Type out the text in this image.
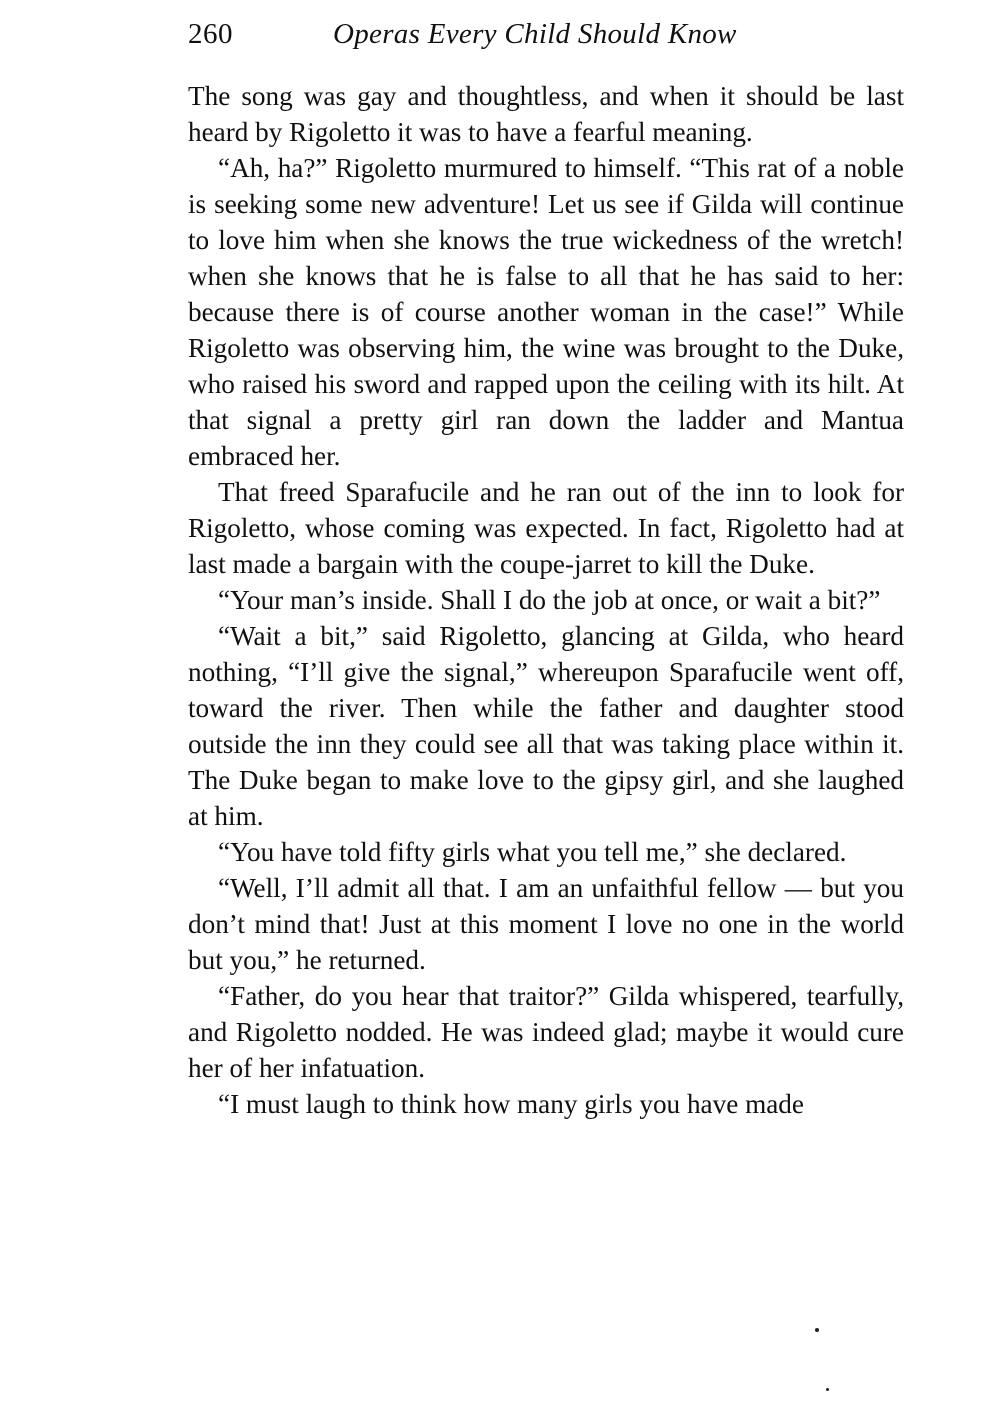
260	Operas Every Child Should Know

The song was gay and thoughtless, and when it should be last heard by Rigoletto it was to have a fearful meaning.

“Ah, ha?” Rigoletto murmured to himself. “This rat of a noble is seeking some new adventure! Let us see if Gilda will continue to love him when she knows the true wickedness of the wretch! when she knows that he is false to all that he has said to her: because there is of course another woman in the case!” While Rigoletto was observing him, the wine was brought to the Duke, who raised his sword and rapped upon the ceiling with its hilt. At that signal a pretty girl ran down the ladder and Mantua embraced her.

That freed Sparafucile and he ran out of the inn to look for Rigoletto, whose coming was expected. In fact, Rigoletto had at last made a bargain with the coupe-jarret to kill the Duke.

“Your man’s inside. Shall I do the job at once, or wait a bit?”

“Wait a bit,” said Rigoletto, glancing at Gilda, who heard nothing, “I’ll give the signal,” whereupon Sparafucile went off, toward the river. Then while the father and daughter stood outside the inn they could see all that was taking place within it. The Duke began to make love to the gipsy girl, and she laughed at him.

“You have told fifty girls what you tell me,” she declared.

“Well, I’ll admit all that. I am an unfaithful fellow — but you don’t mind that! Just at this moment I love no one in the world but you,” he returned.

“Father, do you hear that traitor?” Gilda whispered, tearfully, and Rigoletto nodded. He was indeed glad; maybe it would cure her of her infatuation.

“I must laugh to think how many girls you have made
